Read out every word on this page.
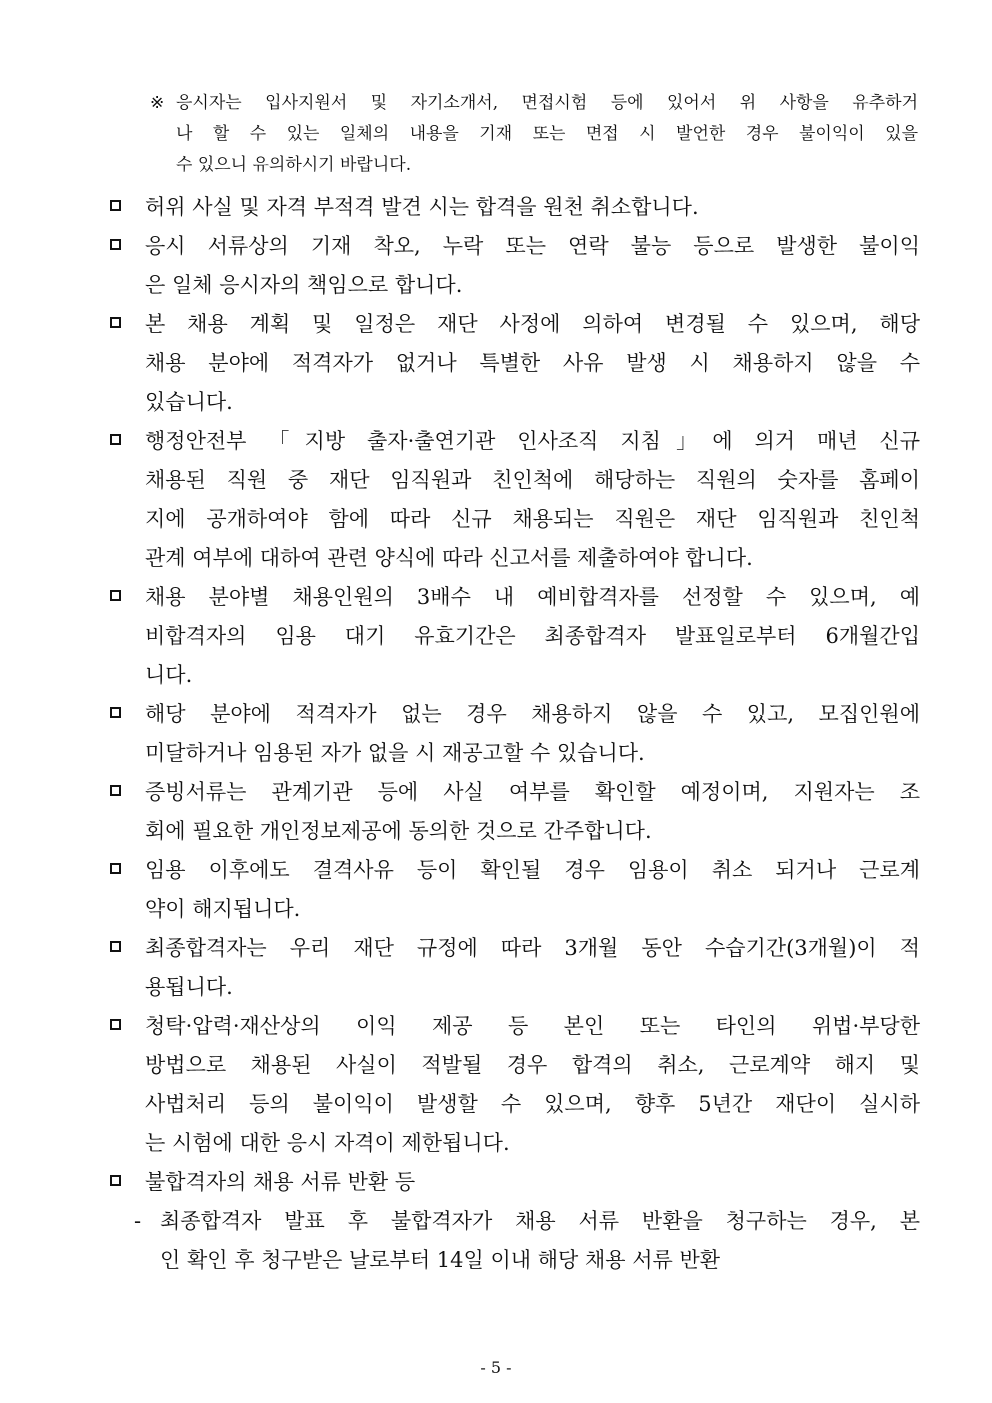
※ 응시자는 입사지원서 및 자기소개서, 면접시험 등에 있어서 위 사항을 유추하거
나 할 수 있는 일체의 내용을 기재 또는 면접 시 발언한 경우 불이익이 있을
수 있으니 유의하시기 바랍니다.
허위 사실 및 자격 부적격 발견 시는 합격을 원천 취소합니다.
응시 서류상의 기재 착오, 누락 또는 연락 불능 등으로 발생한 불이익
은 일체 응시자의 책임으로 합니다.
본 채용 계획 및 일정은 재단 사정에 의하여 변경될 수 있으며, 해당
채용 분야에 적격자가 없거나 특별한 사유 발생 시 채용하지 않을 수
있습니다.
행정안전부 「지방 출자·출연기관 인사조직 지침」에 의거 매년 신규
채용된 직원 중 재단 임직원과 친인척에 해당하는 직원의 숫자를 홈페이
지에 공개하여야 함에 따라 신규 채용되는 직원은 재단 임직원과 친인척
관계 여부에 대하여 관련 양식에 따라 신고서를 제출하여야 합니다.
채용 분야별 채용인원의 3배수 내 예비합격자를 선정할 수 있으며, 예
비합격자의 임용 대기 유효기간은 최종합격자 발표일로부터 6개월간입
니다.
해당 분야에 적격자가 없는 경우 채용하지 않을 수 있고, 모집인원에
미달하거나 임용된 자가 없을 시 재공고할 수 있습니다.
증빙서류는 관계기관 등에 사실 여부를 확인할 예정이며, 지원자는 조
회에 필요한 개인정보제공에 동의한 것으로 간주합니다.
임용 이후에도 결격사유 등이 확인될 경우 임용이 취소 되거나 근로계
약이 해지됩니다.
최종합격자는 우리 재단 규정에 따라 3개월 동안 수습기간(3개월)이 적
용됩니다.
청탁·압력·재산상의 이익 제공 등 본인 또는 타인의 위법·부당한
방법으로 채용된 사실이 적발될 경우 합격의 취소, 근로계약 해지 및
사법처리 등의 불이익이 발생할 수 있으며, 향후 5년간 재단이 실시하
는 시험에 대한 응시 자격이 제한됩니다.
불합격자의 채용 서류 반환 등
- 최종합격자 발표 후 불합격자가 채용 서류 반환을 청구하는 경우, 본
인 확인 후 청구받은 날로부터 14일 이내 해당 채용 서류 반환
- 5 -
